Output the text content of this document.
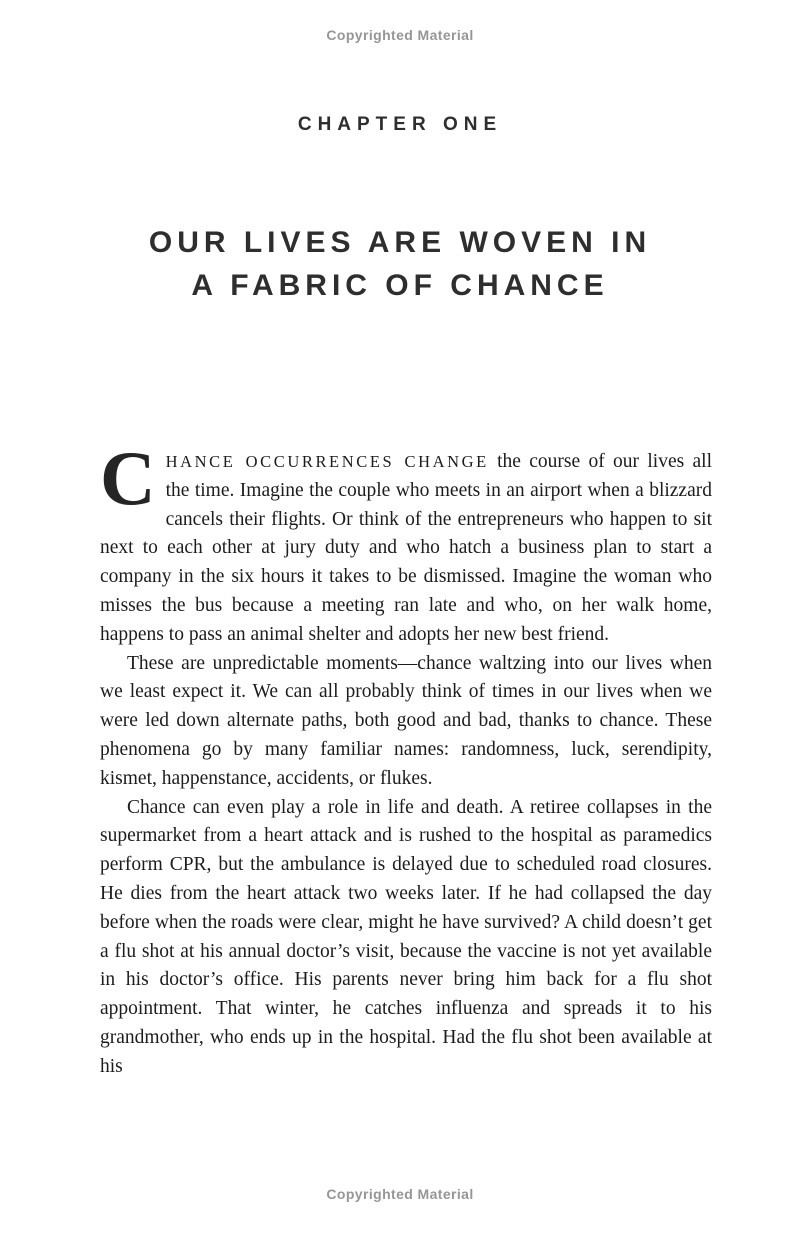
Copyrighted Material
CHAPTER ONE
OUR LIVES ARE WOVEN IN
A FABRIC OF CHANCE

CHANCE OCCURRENCES CHANGE the course of our lives all the time. Imagine the couple who meets in an airport when a blizzard cancels their flights. Or think of the entrepreneurs who happen to sit next to each other at jury duty and who hatch a business plan to start a company in the six hours it takes to be dismissed. Imagine the woman who misses the bus because a meeting ran late and who, on her walk home, happens to pass an animal shelter and adopts her new best friend.

These are unpredictable moments—chance waltzing into our lives when we least expect it. We can all probably think of times in our lives when we were led down alternate paths, both good and bad, thanks to chance. These phenomena go by many familiar names: randomness, luck, serendipity, kismet, happenstance, accidents, or flukes.

Chance can even play a role in life and death. A retiree collapses in the supermarket from a heart attack and is rushed to the hospital as paramedics perform CPR, but the ambulance is delayed due to scheduled road closures. He dies from the heart attack two weeks later. If he had collapsed the day before when the roads were clear, might he have survived? A child doesn’t get a flu shot at his annual doctor’s visit, because the vaccine is not yet available in his doctor’s office. His parents never bring him back for a flu shot appointment. That winter, he catches influenza and spreads it to his grandmother, who ends up in the hospital. Had the flu shot been available at his

Copyrighted Material
